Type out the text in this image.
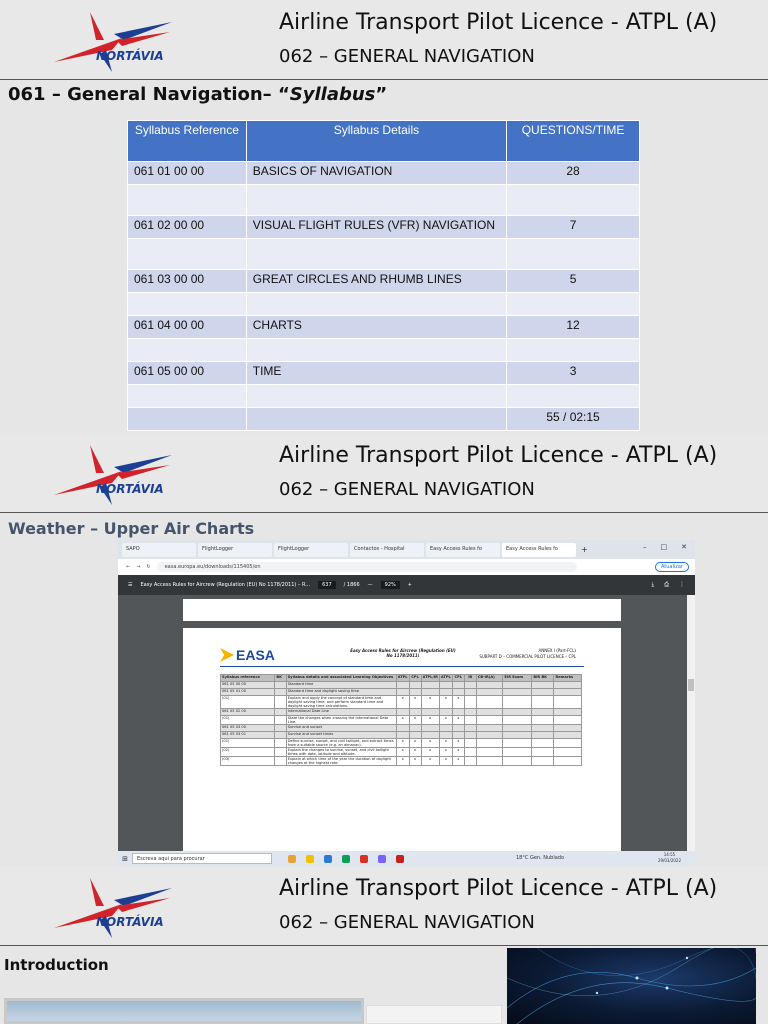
NORTÁVIA
Airline Transport Pilot Licence - ATPL (A)
062 – GENERAL NAVIGATION
061 – General Navigation– “Syllabus”
Syllabus Reference	Syllabus Details	QUESTIONS/TIME
061 01 00 00	BASICS OF NAVIGATION	28

061 02 00 00	VISUAL FLIGHT RULES (VFR) NAVIGATION	7

061 03 00 00	GREAT CIRCLES AND RHUMB LINES	5

061 04 00 00	CHARTS	12

061 05 00 00	TIME	3

		55 / 02:15
NORTÁVIA
Airline Transport Pilot Licence - ATPL (A)
062 – GENERAL NAVIGATION
Weather – Upper Air Charts
SAPO	FlightLogger	FlightLogger	Contactos - Hospital	Easy Access Rules fo	Easy Access Rules fo	+	– □ ✕
← → ↻	easa.europa.eu/downloads/115405/en	Atualizar
☰ Easy Access Rules for Aircrew (Regulation (EU) No 1178/2011) – R...	637	/ 1866 —	92%	+	⤓ ⎙ ⋮
EASA	Easy Access Rules for Aircrew (Regulation (EU) No 1178/2011)
ANNEX I (Part-FCL)
SUBPART D – COMMERCIAL PILOT LICENCE – CPL
Syllabus reference	BK	Syllabus details and associated Learning Objectives	ATPL	CPL	ATPL/IR	ATPL	CPL	IR	CB-IR(A)	EIR Exam	BIR BK	Remarks
061 05 00 00		Standard time										
061 05 01 00		Standard time and daylight saving time										
(01)		Explain and apply the concept of standard time and daylight saving time, and perform standard time and daylight saving time calculations.	x	x	x	x	x					
061 05 02 00		International Date Line										
(01)		State the changes when crossing the International Date Line.	x	x	x	x	x					
061 05 03 00		Sunrise and sunset										
061 05 03 01		Sunrise and sunset times										
(01)		Define sunrise, sunset, and civil twilight, and extract times from a suitable source (e.g. an almanac).	x	x	x	x	x					
(02)		Explain the changes to sunrise, sunset, and civil twilight times with date, latitude and altitude.	x	x	x	x	x					
(03)		Explain at which time of the year the duration of daylight changes at the highest rate.	x	x	x	x	x					
⊞	Escreva aqui para procurar	18°C Gen. Nublado
14:55
29/03/2022
NORTÁVIA
Airline Transport Pilot Licence - ATPL (A)
062 – GENERAL NAVIGATION
Introduction
